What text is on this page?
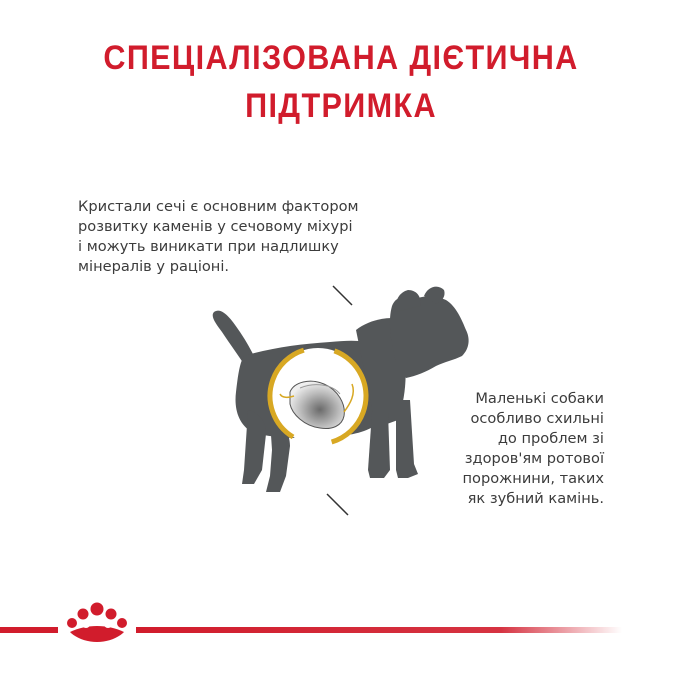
СПЕЦІАЛІЗОВАНА ДІЄТИЧНА
ПІДТРИМКА
Кристали сечі є основним фактором
розвитку каменів у сечовому міхурі
і можуть виникати при надлишку
мінералів у раціоні.
Маленькі собаки
особливо схильні
до проблем зі
здоров'ям ротової
порожнини, таких
як зубний камінь.
